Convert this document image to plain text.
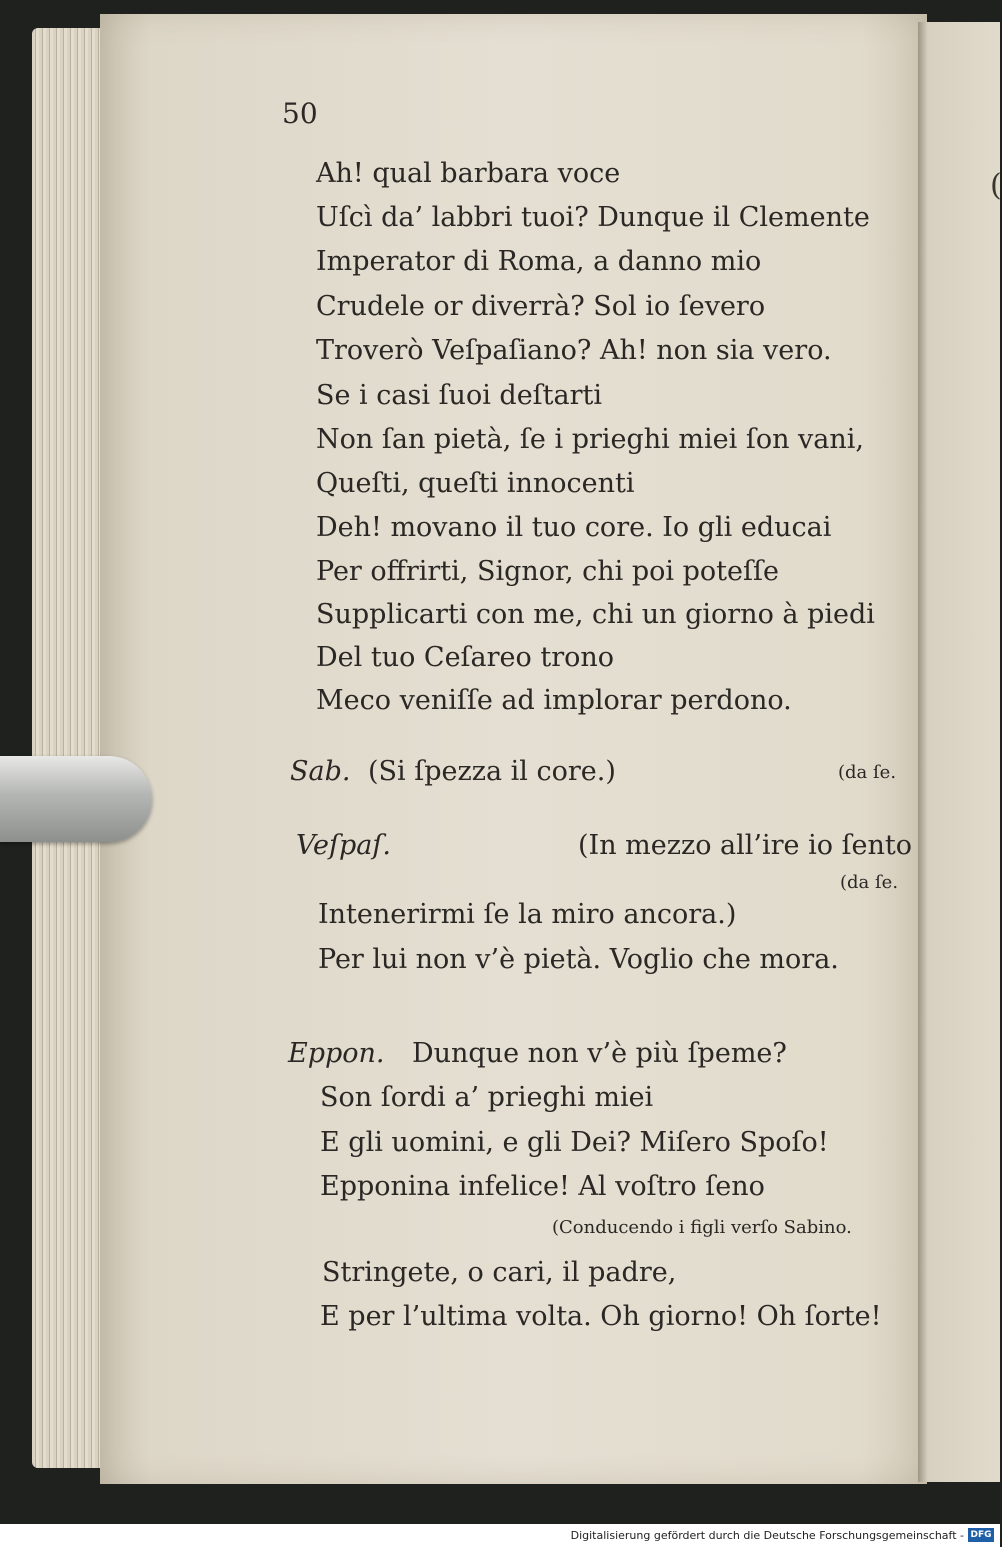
(
50
Ah! qual barbara voce
Uſcì da’ labbri tuoi? Dunque il Clemente
Imperator di Roma, a danno mio
Crudele or diverrà? Sol io ſevero
Troverò Veſpaſiano? Ah! non sia vero.
Se i casi ſuoi deſtarti
Non ſan pietà, ſe i prieghi miei ſon vani,
Queſti, queſti innocenti
Deh! movano il tuo core. Io gli educai
Per offrirti, Signor, chi poi poteſſe
Supplicarti con me, chi un giorno à piedi
Del tuo Ceſareo trono
Meco veniſſe ad implorar perdono.
Sab. (Si ſpezza il core.)	(da ſe.
Veſpaſ.	(In mezzo all’ire io ſento
(da ſe.
Intenerirmi ſe la miro ancora.)
Per lui non v’è pietà. Voglio che mora.
Eppon. Dunque non v’è più ſpeme?
Son ſordi a’ prieghi miei
E gli uomini, e gli Dei? Miſero Spoſo!
Epponina infelice! Al voſtro ſeno
(Conducendo i figli verſo Sabino.
Stringete, o cari, il padre,
E per l’ultima volta. Oh giorno! Oh ſorte!
Digitalisierung gefördert durch die Deutsche Forschungsgemeinschaft - DFG
